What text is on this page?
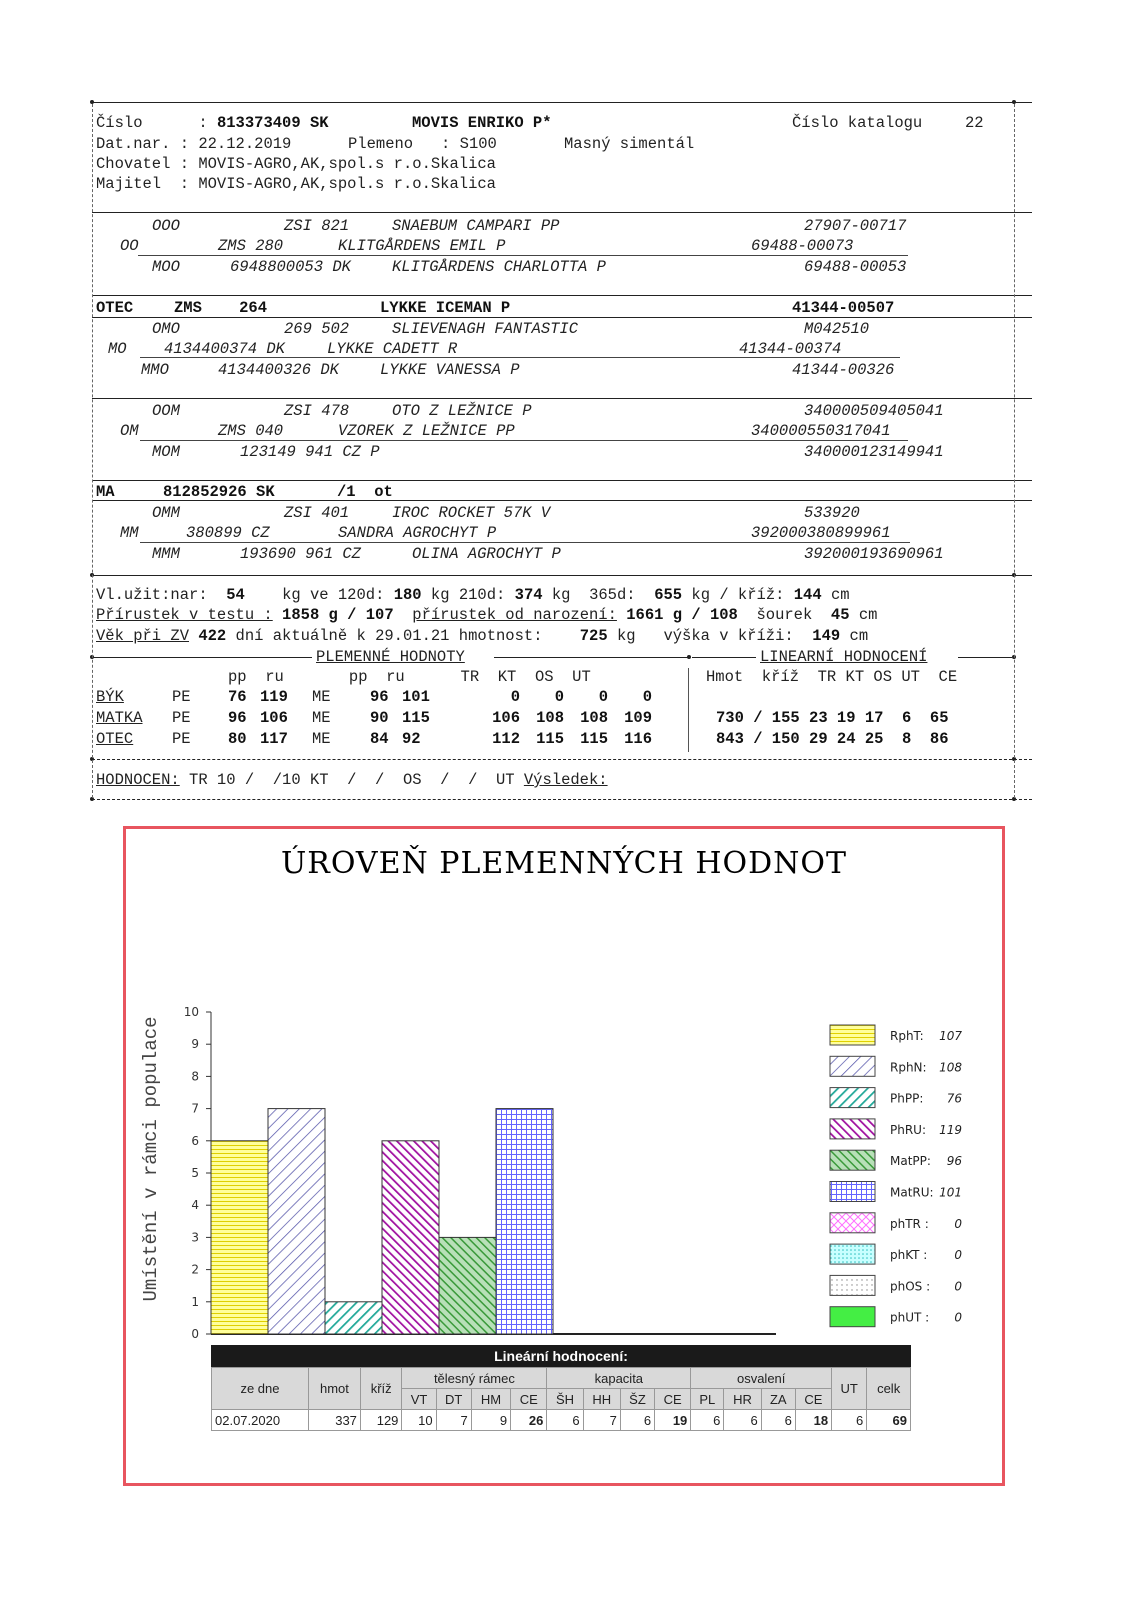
Číslo      : 813373409 SK	MOVIS ENRIKO P*	Číslo katalogu	22
Dat.nar. : 22.12.2019	Plemeno   : S100	Masný simentál
Chovatel : MOVIS-AGRO,AK,spol.s r.o.Skalica
Majitel  : MOVIS-AGRO,AK,spol.s r.o.Skalica
OOO	ZSI 821	SNAEBUM CAMPARI PP	27907-00717
OO	ZMS 280	KLITGÅRDENS EMIL P	69488-00073
MOO	6948800053 DK	KLITGÅRDENS CHARLOTTA P	69488-00053
OTEC	ZMS    264	LYKKE ICEMAN P	41344-00507
OMO	269 502	SLIEVENAGH FANTASTIC	M042510
MO 4134400374 DK	LYKKE CADETT R	41344-00374
MMO	4134400326 DK	LYKKE VANESSA P	41344-00326
OOM	ZSI 478	OTO Z LEŽNICE P	340000509405041
OM	ZMS 040	VZOREK Z LEŽNICE PP	340000550317041
MOM	123149 941 CZ P	340000123149941
MA	812852926 SK	/1  ot
OMM	ZSI 401	IROC ROCKET 57K V	533920
MM	380899 CZ	SANDRA AGROCHYT P	392000380899961
MMM	193690 961 CZ	OLINA AGROCHYT P	392000193690961
Vl.užit:nar: 54 kg ve 120d: 180 kg 210d: 374 kg  365d: 655 kg / kříž: 144 cm
Přírustek v testu : 1858 g / 107 přírustek od narození: 1661 g / 108 šourek 45 cm
Věk při ZV 422 dní aktuálně k 29.01.21 hmotnost: 725 kg výška v kříži: 149 cm
PLEMENNÉ HODNOTY	LINEARNÍ HODNOCENÍ
pp  ru       pp  ru      TR  KT  OS  UT	Hmot  kříž  TR KT OS UT  CE
BÝK	PE 76 119 ME	96 101	0 0 0 0
MATKA PE 96 106 ME	90 115	106 108 108 109	730 / 155 23 19 17  6  65
OTEC	PE 80 117 ME	84 92	112 115 115 116	843 / 150 29 24 25  8  86
HODNOCEN: TR 10 /  /10 KT  /  /  OS  /  /  UT Výsledek:
ÚROVEŇ PLEMENNÝCH HODNOT
Umístění v rámci populace
0
1
2
3
4
5
6
7
8
9
10
RphT: 107
RphN: 108
PhPP: 76
PhRU: 119
MatPP: 96
MatRU: 101
phTR : 0
phKT : 0
phOS : 0
phUT : 0
Lineární hodnocení:
ze dne	hmot	kříž	tělesný rámec				kapacita				osvalení				UT	celk
			VT	DT	HM	CE	ŠH	HH	ŠZ	CE	PL	HR	ZA	CE		
02.07.2020	337	129	10	7	9	26	6	7	6	19	6	6	6	18	6	69
